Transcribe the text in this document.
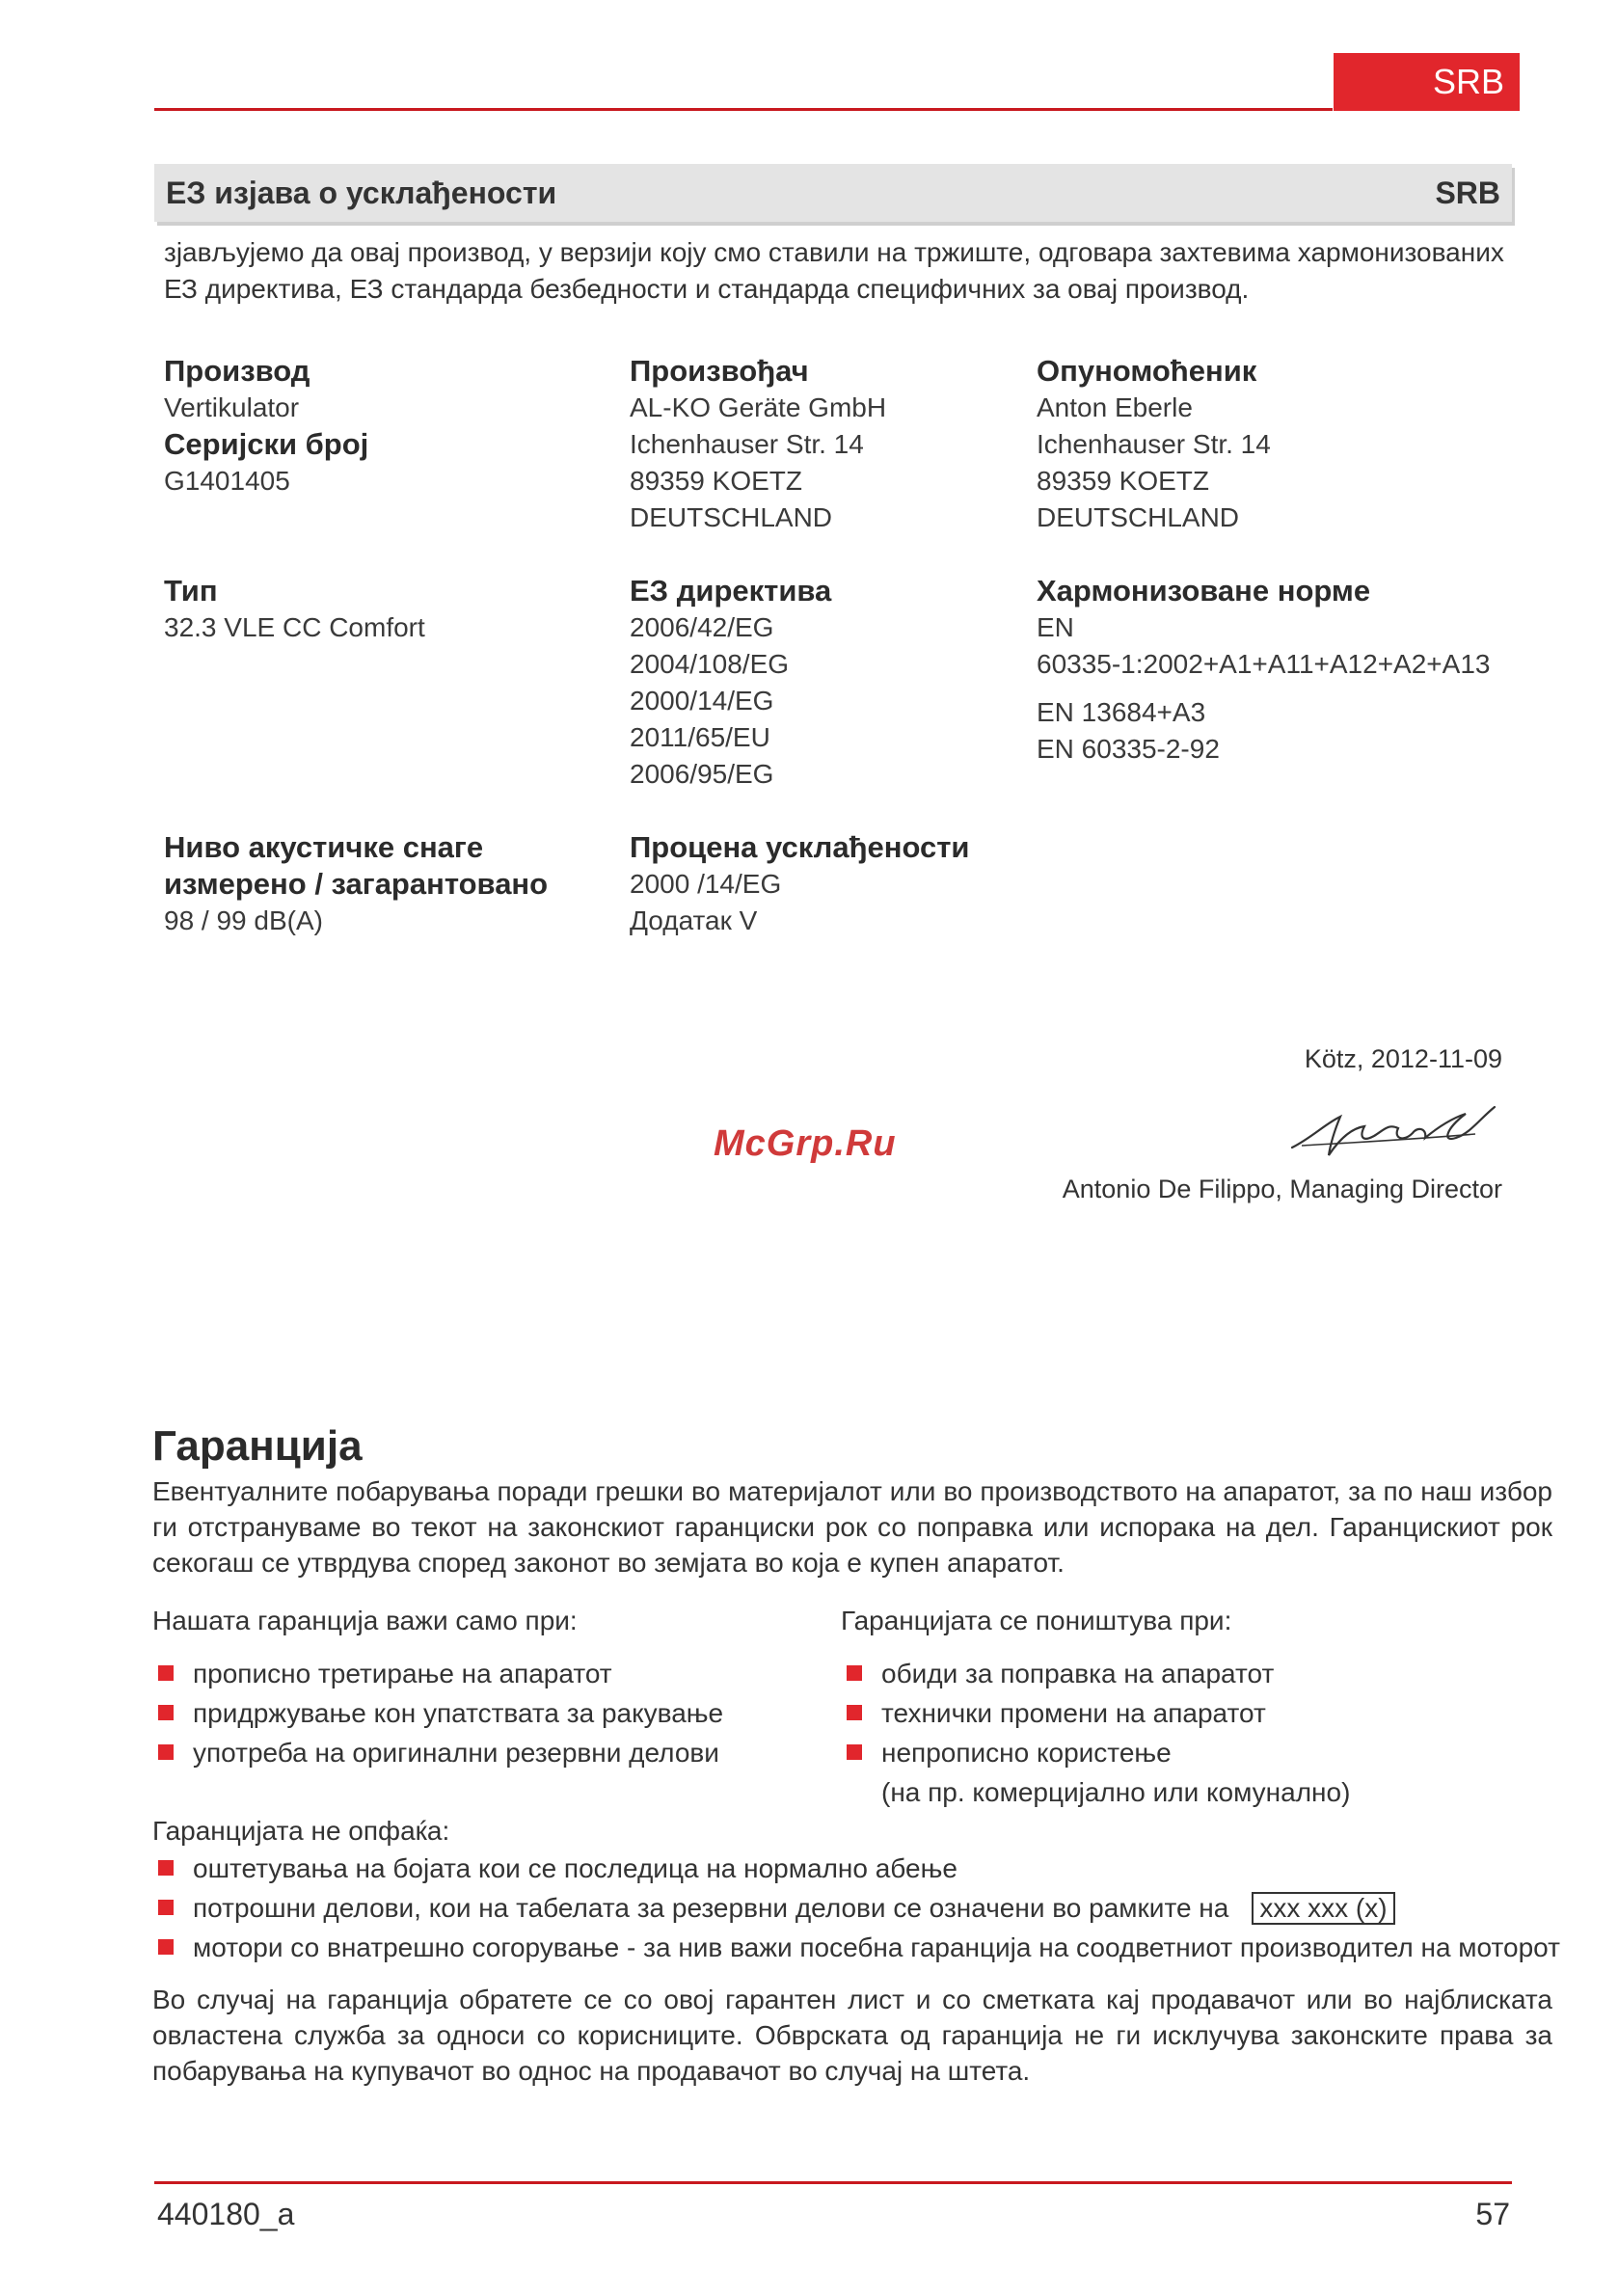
SRB
ЕЗ изјава о усклађености	SRB
зјављујемо да овај производ, у верзији коју смо ставили на тржиште, одговара захтевима хармонизованих ЕЗ директива, ЕЗ стандарда безбедности и стандарда специфичних за овај производ.
Производ
Vertikulator
Серијски број
G1401405
Произвођач
AL-KO Geräte GmbH
Ichenhauser Str. 14
89359 KOETZ
DEUTSCHLAND
Опуномоћеник
Anton Eberle
Ichenhauser Str. 14
89359 KOETZ
DEUTSCHLAND
Тип
32.3 VLE CC Comfort
ЕЗ директива
2006/42/EG
2004/108/EG
2000/14/EG
2011/65/EU
2006/95/EG
Хармонизоване норме
EN
60335-1:2002+A1+A11+A12+A2+A13
EN 13684+A3
EN 60335-2-92
Ниво акустичке снаге
измерено / загарантовано
98 / 99 dB(A)
Процена усклађености
2000 /14/EG
Додатак V
Kötz, 2012-11-09
McGrp.Ru
Antonio De Filippo, Managing Director
Гаранција
Евентуалните побарувања поради грешки во материјалот или во производството на апаратот, за по наш избор ги отстрануваме во текот на законскиот гаранциски рок со поправка или испорака на дел. Гаранцискиот рок секогаш се утврдува според законот во земјата во која е купен апаратот.
Нашата гаранција важи само при:
прописно третирање на апаратот
придржување кон упатствата за ракување
употреба на оригинални резервни делови
Гаранцијата се поништува при:
обиди за поправка на апаратот
технички промени на апаратот
непрописно користење
(на пр. комерцијално или комунално)
Гаранцијата не опфаќа:
оштетувања на бојата кои се последица на нормално абење
потрошни делови, кои на табелата за резервни делови се означени во рамките на xxx xxx (x)
мотори со внатрешно согорување - за нив важи посебна гаранција на соодветниот производител на моторот
Во случај на гаранција обратете се со овој гарантен лист и со сметката кај продавачот или во најблиската овластена служба за односи со корисниците. Обврската од гаранција не ги исклучува законските права за побарувања на купувачот во однос на продавачот во случај на штета.
440180_a	57
